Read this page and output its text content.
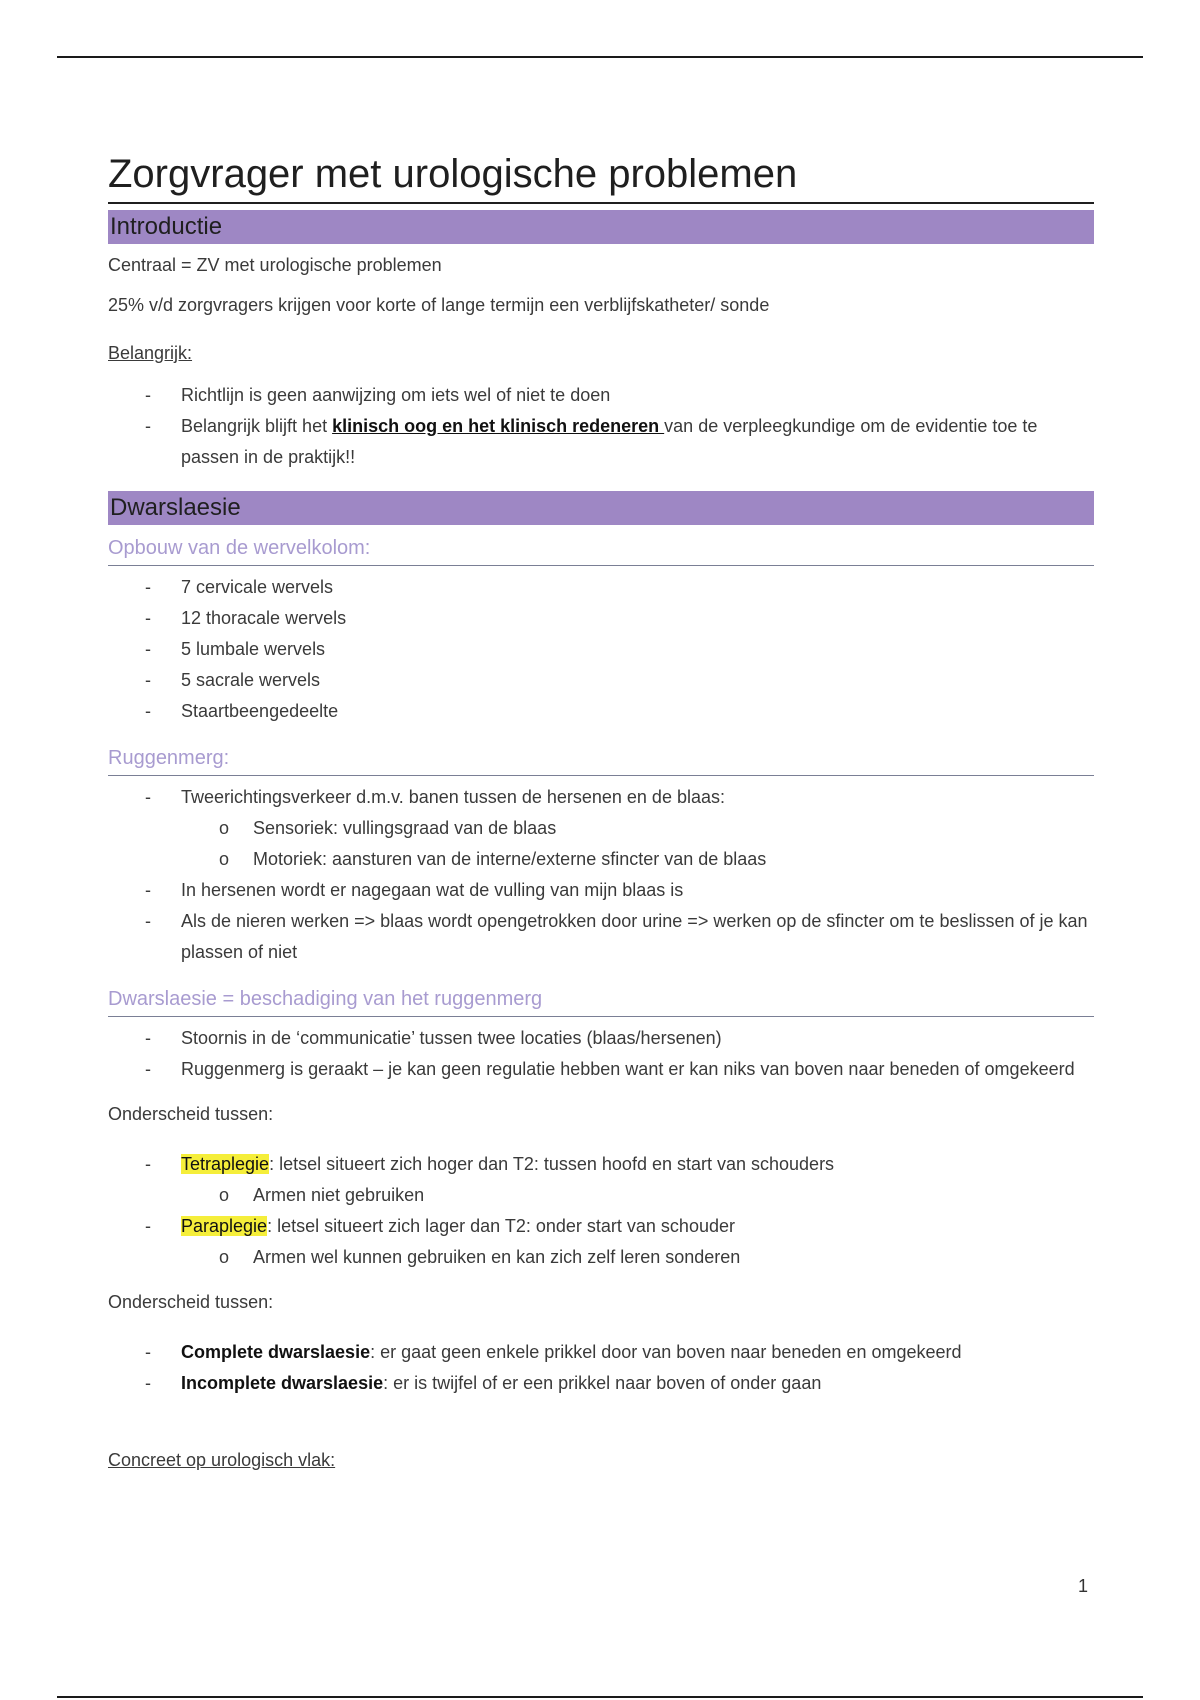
Zorgvrager met urologische problemen
Introductie

Centraal = ZV met urologische problemen

25% v/d zorgvragers krijgen voor korte of lange termijn een verblijfskatheter/ sonde

Belangrijk:

- Richtlijn is geen aanwijzing om iets wel of niet te doen
- Belangrijk blijft het klinisch oog en het klinisch redeneren van de verpleegkundige om de evidentie toe te passen in de praktijk!!
Dwarslaesie
Opbouw van de wervelkolom:
- 7 cervicale wervels
- 12 thoracale wervels
- 5 lumbale wervels
- 5 sacrale wervels
- Staartbeengedeelte
Ruggenmerg:
- Tweerichtingsverkeer d.m.v. banen tussen de hersenen en de blaas:
o Sensoriek: vullingsgraad van de blaas
o Motoriek: aansturen van de interne/externe sfincter van de blaas
- In hersenen wordt er nagegaan wat de vulling van mijn blaas is
- Als de nieren werken => blaas wordt opengetrokken door urine => werken op de sfincter om te beslissen of je kan plassen of niet
Dwarslaesie = beschadiging van het ruggenmerg
- Stoornis in de ‘communicatie’ tussen twee locaties (blaas/hersenen)
- Ruggenmerg is geraakt – je kan geen regulatie hebben want er kan niks van boven naar beneden of omgekeerd

Onderscheid tussen:

- Tetraplegie: letsel situeert zich hoger dan T2: tussen hoofd en start van schouders
o Armen niet gebruiken
- Paraplegie: letsel situeert zich lager dan T2: onder start van schouder
o Armen wel kunnen gebruiken en kan zich zelf leren sonderen

Onderscheid tussen:

- Complete dwarslaesie: er gaat geen enkele prikkel door van boven naar beneden en omgekeerd
- Incomplete dwarslaesie: er is twijfel of er een prikkel naar boven of onder gaan

Concreet op urologisch vlak:

1
